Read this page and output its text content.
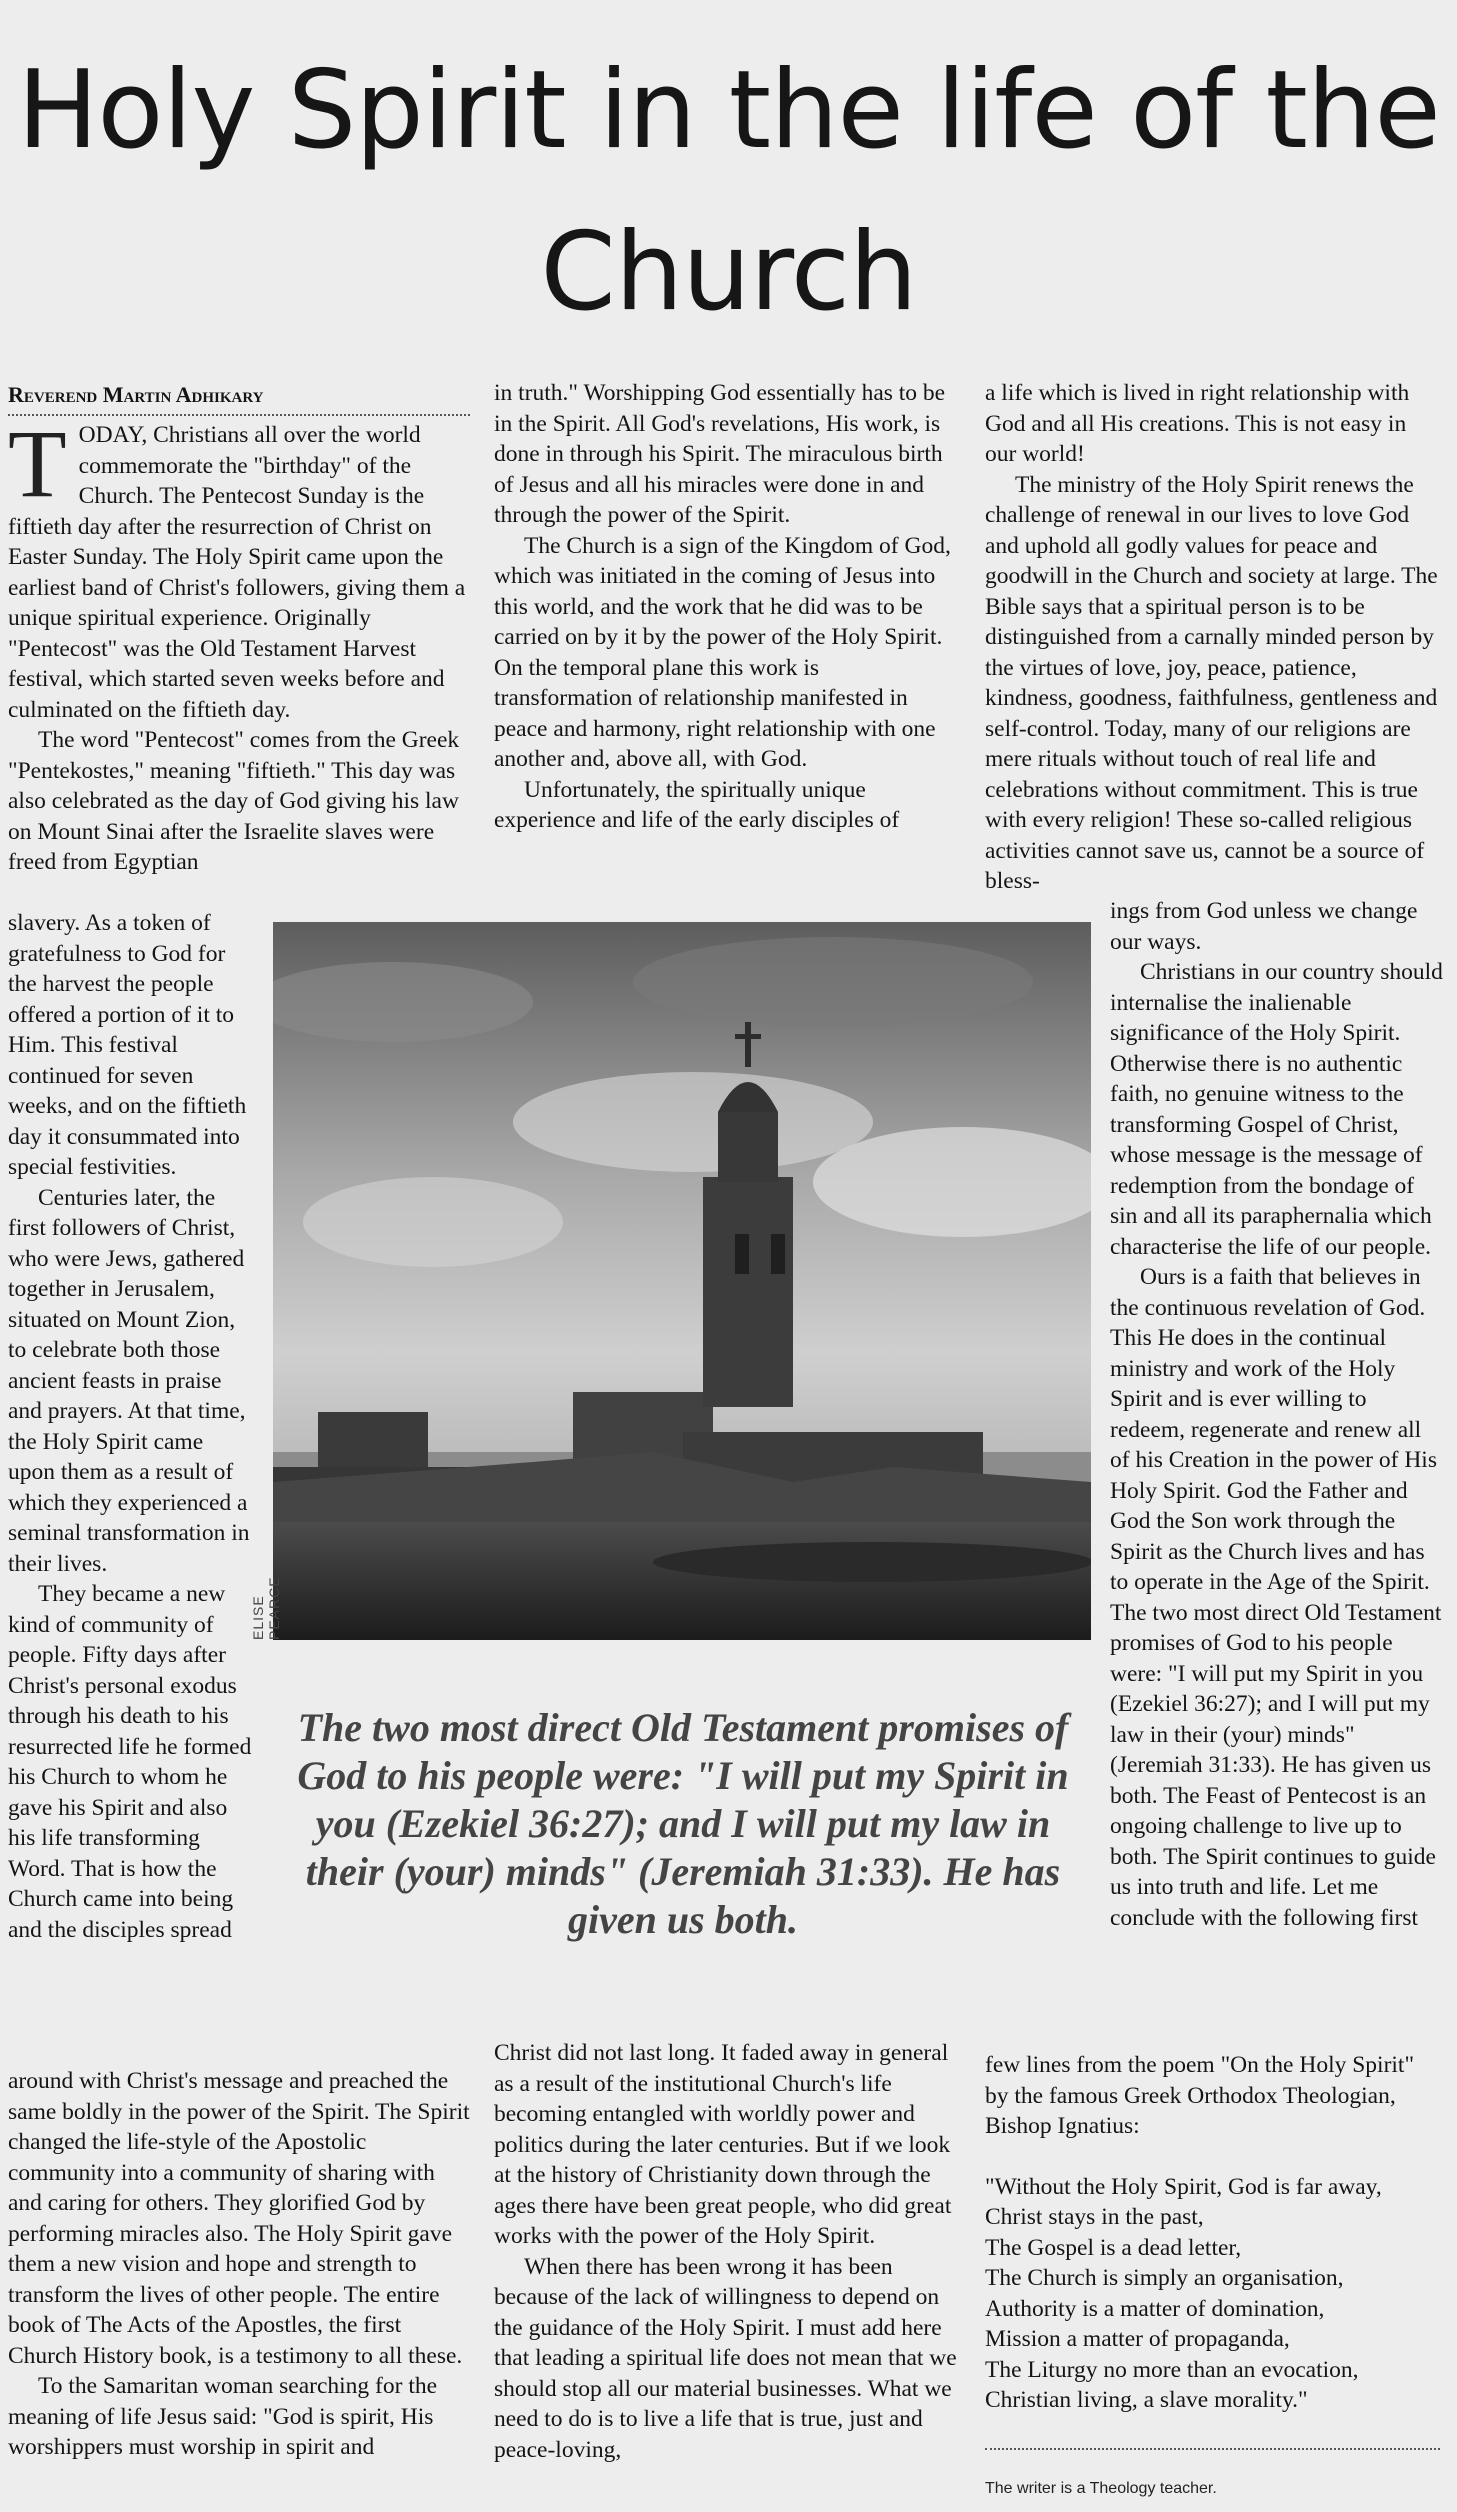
Holy Spirit in the life of the Church
Reverend Martin Adhikary

TODAY, Christians all over the world commemorate the "birthday" of the Church. The Pentecost Sunday is the fiftieth day after the resurrection of Christ on Easter Sunday. The Holy Spirit came upon the earliest band of Christ's followers, giving them a unique spiritual experience. Originally "Pentecost" was the Old Testament Harvest festival, which started seven weeks before and culminated on the fiftieth day.

The word "Pentecost" comes from the Greek "Pentekostes," meaning "fiftieth." This day was also celebrated as the day of God giving his law on Mount Sinai after the Israelite slaves were freed from Egyptian

slavery. As a token of gratefulness to God for the harvest the people offered a portion of it to Him. This festival continued for seven weeks, and on the fiftieth day it consummated into special festivities.

Centuries later, the first followers of Christ, who were Jews, gathered together in Jerusalem, situated on Mount Zion, to celebrate both those ancient feasts in praise and prayers. At that time, the Holy Spirit came upon them as a result of which they experienced a seminal transformation in their lives.

They became a new kind of community of people. Fifty days after Christ's personal exodus through his death to his resurrected life he formed his Church to whom he gave his Spirit and also his life transforming Word. That is how the Church came into being and the disciples spread

around with Christ's message and preached the same boldly in the power of the Spirit. The Spirit changed the life-style of the Apostolic community into a community of sharing with and caring for others. They glorified God by performing miracles also. The Holy Spirit gave them a new vision and hope and strength to transform the lives of other people. The entire book of The Acts of the Apostles, the first Church History book, is a testimony to all these.

To the Samaritan woman searching for the meaning of life Jesus said: "God is spirit, His worshippers must worship in spirit and

in truth." Worshipping God essentially has to be in the Spirit. All God's revelations, His work, is done in through his Spirit. The miraculous birth of Jesus and all his miracles were done in and through the power of the Spirit.

The Church is a sign of the Kingdom of God, which was initiated in the coming of Jesus into this world, and the work that he did was to be carried on by it by the power of the Holy Spirit. On the temporal plane this work is transformation of relationship manifested in peace and harmony, right relationship with one another and, above all, with God.

Unfortunately, the spiritually unique experience and life of the early disciples of

Christ did not last long. It faded away in general as a result of the institutional Church's life becoming entangled with worldly power and politics during the later centuries. But if we look at the history of Christianity down through the ages there have been great people, who did great works with the power of the Holy Spirit.

When there has been wrong it has been because of the lack of willingness to depend on the guidance of the Holy Spirit. I must add here that leading a spiritual life does not mean that we should stop all our material businesses. What we need to do is to live a life that is true, just and peace-loving,

a life which is lived in right relationship with God and all His creations. This is not easy in our world!

The ministry of the Holy Spirit renews the challenge of renewal in our lives to love God and uphold all godly values for peace and goodwill in the Church and society at large. The Bible says that a spiritual person is to be distinguished from a carnally minded person by the virtues of love, joy, peace, patience, kindness, goodness, faithfulness, gentleness and self-control. Today, many of our religions are mere rituals without touch of real life and celebrations without commitment. This is true with every religion! These so-called religious activities cannot save us, cannot be a source of bless-

ings from God unless we change our ways.

Christians in our country should internalise the inalienable significance of the Holy Spirit. Otherwise there is no authentic faith, no genuine witness to the transforming Gospel of Christ, whose message is the message of redemption from the bondage of sin and all its paraphernalia which characterise the life of our people.

Ours is a faith that believes in the continuous revelation of God. This He does in the continual ministry and work of the Holy Spirit and is ever willing to redeem, regenerate and renew all of his Creation in the power of His Holy Spirit. God the Father and God the Son work through the Spirit as the Church lives and has to operate in the Age of the Spirit. The two most direct Old Testament promises of God to his people were: "I will put my Spirit in you (Ezekiel 36:27); and I will put my law in their (your) minds" (Jeremiah 31:33). He has given us both. The Feast of Pentecost is an ongoing challenge to live up to both. The Spirit continues to guide us into truth and life. Let me conclude with the following first

few lines from the poem "On the Holy Spirit" by the famous Greek Orthodox Theologian, Bishop Ignatius:

"Without the Holy Spirit, God is far away,
Christ stays in the past,
The Gospel is a dead letter,
The Church is simply an organisation,
Authority is a matter of domination,
Mission a matter of propaganda,
The Liturgy no more than an evocation,
Christian living, a slave morality."
ELISE PEARCE
The two most direct Old Testament promises of God to his people were: "I will put my Spirit in you (Ezekiel 36:27); and I will put my law in their (your) minds" (Jeremiah 31:33). He has given us both.
The writer is a Theology teacher.
